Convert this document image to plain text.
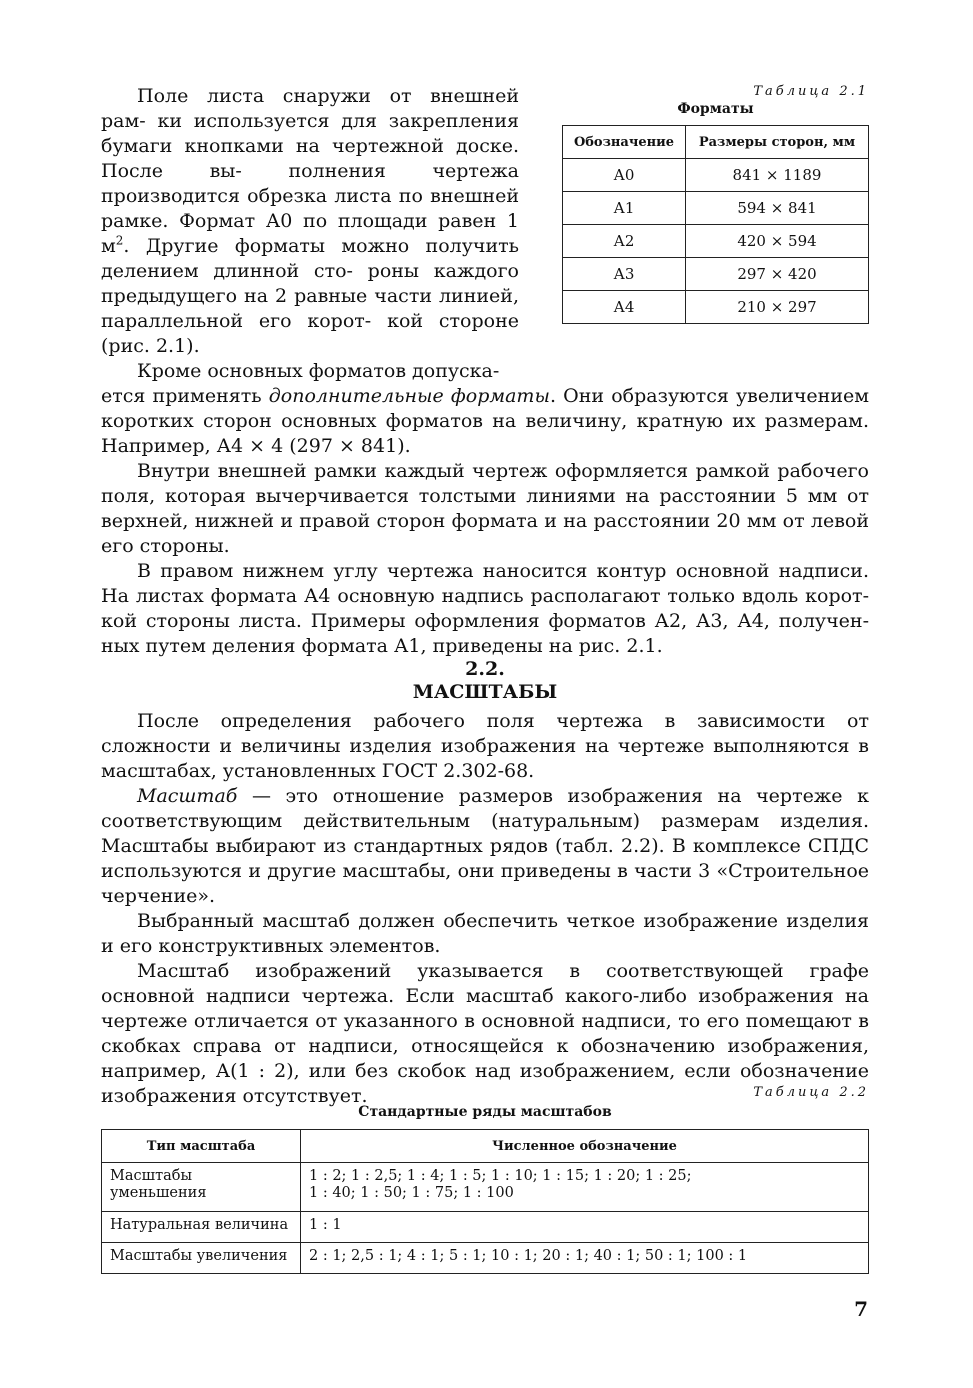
Поле листа снаружи от внешней рам- ки используется для закрепления бумаги кнопками на чертежной доске. После вы- полнения чертежа производится обрезка листа по внешней рамке. Формат А0 по площади равен 1 $м^2$. Другие форматы можно получить делением длинной сто- роны каждого предыдущего на 2 равные части линией, параллельной его корот- кой стороне (рис. 2.1).

Кроме основных форматов допуска-

ется применять дополнительные форматы. Они образуются увеличением коротких сторон основных форматов на величину, кратную их размерам. Например, А4 × 4 (297 × 841).

Внутри внешней рамки каждый чертеж оформляется рамкой рабочего поля, которая вычерчивается толстыми линиями на расстоянии 5 мм от верхней, нижней и правой сторон формата и на расстоянии 20 мм от левой его стороны.

В правом нижнем углу чертежа наносится контур основной надписи. На листах формата А4 основную надпись располагают только вдоль короткой стороны листа. Примеры оформления форматов А2, А3, А4, полученных путем деления формата А1, приведены на рис. 2.1.

Таблица 2.1
Форматы
Обозначение	Размеры сторон, мм
А0	841 × 1189
А1	594 × 841
А2	420 × 594
А3	297 × 420
А4	210 × 297
2.2.
МАСШТАБЫ

После определения рабочего поля чертежа в зависимости от сложности и величины изделия изображения на чертеже выполняются в масштабах, установленных ГОСТ 2.302-68.

Масштаб — это отношение размеров изображения на чертеже к соответствующим действительным (натуральным) размерам изделия. Масштабы выбирают из стандартных рядов (табл. 2.2). В комплексе СПДС используются и другие масштабы, они приведены в части 3 «Строительное черчение».

Выбранный масштаб должен обеспечить четкое изображение изделия и его конструктивных элементов.

Масштаб изображений указывается в соответствующей графе основной надписи чертежа. Если масштаб какого-либо изображения на чертеже отличается от указанного в основной надписи, то его помещают в скобках справа от надписи, относящейся к обозначению изображения, например, А(1 : 2), или без скобок над изображением, если обозначение изображения отсутствует.	Таблица 2.2
Стандартные ряды масштабов
Тип масштаба	Численное обозначение
Масштабы уменьшения	1 : 2; 1 : 2,5; 1 : 4; 1 : 5; 1 : 10; 1 : 15; 1 : 20; 1 : 25;
1 : 40; 1 : 50; 1 : 75; 1 : 100

Натуральная величина	1 : 1
Масштабы увеличения	2 : 1; 2,5 : 1; 4 : 1; 5 : 1; 10 : 1; 20 : 1; 40 : 1; 50 : 1; 100 : 1
7
